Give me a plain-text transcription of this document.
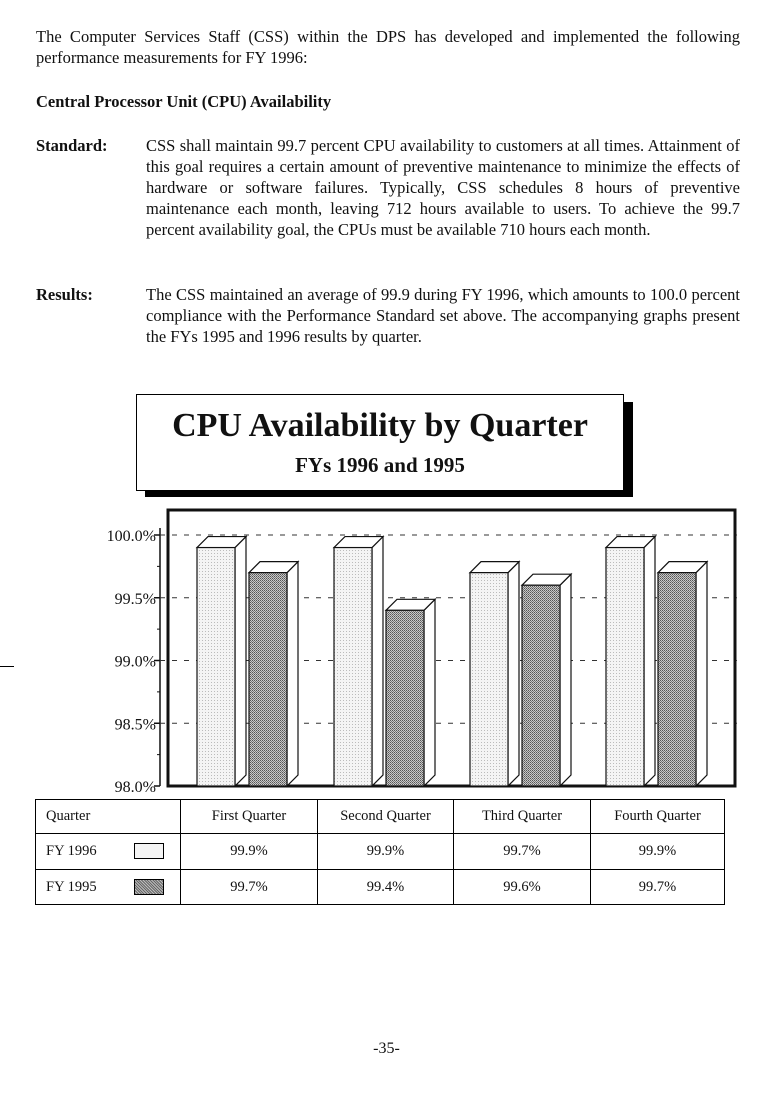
The Computer Services Staff (CSS) within the DPS has developed and implemented the following performance measurements for FY 1996:
Central Processor Unit (CPU) Availability
Standard: CSS shall maintain 99.7 percent CPU availability to customers at all times. Attainment of this goal requires a certain amount of preventive maintenance to minimize the effects of hardware or software failures. Typically, CSS schedules 8 hours of preventive maintenance each month, leaving 712 hours available to users. To achieve the 99.7 percent availability goal, the CPUs must be available 710 hours each month.
Results:	The CSS maintained an average of 99.9 during FY 1996, which amounts to 100.0 percent compliance with the Performance Standard set above. The accompanying graphs present the FYs 1995 and 1996 results by quarter.
CPU Availability by Quarter
FYs 1996 and 1995
98.0%
98.5%
99.0%
99.5%
100.0%
Quarter	First Quarter	Second Quarter	Third Quarter	Fourth Quarter
FY 1996	99.9%	99.9%	99.7%	99.9%
FY 1995	99.7%	99.4%	99.6%	99.7%
-35-
